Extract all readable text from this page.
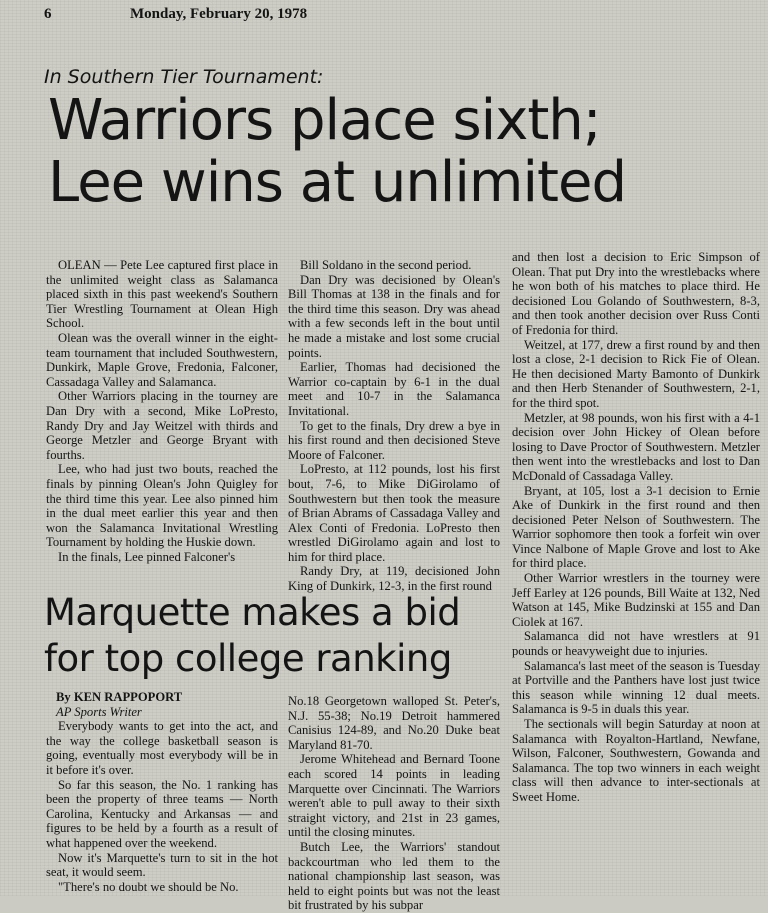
6	Monday, February 20, 1978
In Southern Tier Tournament:
Warriors place sixth;
Lee wins at unlimited

OLEAN — Pete Lee captured first place in the unlimited weight class as Salamanca placed sixth in this past weekend's Southern Tier Wrestling Tournament at Olean High School.

Olean was the overall winner in the eight-team tournament that included Southwestern, Dunkirk, Maple Grove, Fredonia, Falconer, Cassadaga Valley and Salamanca.

Other Warriors placing in the tourney are Dan Dry with a second, Mike LoPresto, Randy Dry and Jay Weitzel with thirds and George Metzler and George Bryant with fourths.

Lee, who had just two bouts, reached the finals by pinning Olean's John Quigley for the third time this year. Lee also pinned him in the dual meet earlier this year and then won the Salamanca Invitational Wrestling Tournament by holding the Huskie down.

In the finals, Lee pinned Falconer's

Bill Soldano in the second period.

Dan Dry was decisioned by Olean's Bill Thomas at 138 in the finals and for the third time this season. Dry was ahead with a few seconds left in the bout until he made a mistake and lost some crucial points.

Earlier, Thomas had decisioned the Warrior co-captain by 6-1 in the dual meet and 10-7 in the Salamanca Invitational.

To get to the finals, Dry drew a bye in his first round and then decisioned Steve Moore of Falconer.

LoPresto, at 112 pounds, lost his first bout, 7-6, to Mike DiGirolamo of Southwestern but then took the measure of Brian Abrams of Cassadaga Valley and Alex Conti of Fredonia. LoPresto then wrestled DiGirolamo again and lost to him for third place.

Randy Dry, at 119, decisioned John King of Dunkirk, 12-3, in the first round

and then lost a decision to Eric Simpson of Olean. That put Dry into the wrestlebacks where he won both of his matches to place third. He decisioned Lou Golando of Southwestern, 8-3, and then took another decision over Russ Conti of Fredonia for third.

Weitzel, at 177, drew a first round by and then lost a close, 2-1 decision to Rick Fie of Olean. He then decisioned Marty Bamonto of Dunkirk and then Herb Stenander of Southwestern, 2-1, for the third spot.

Metzler, at 98 pounds, won his first with a 4-1 decision over John Hickey of Olean before losing to Dave Proctor of Southwestern. Metzler then went into the wrestlebacks and lost to Dan McDonald of Cassadaga Valley.

Bryant, at 105, lost a 3-1 decision to Ernie Ake of Dunkirk in the first round and then decisioned Peter Nelson of Southwestern. The Warrior sophomore then took a forfeit win over Vince Nalbone of Maple Grove and lost to Ake for third place.

Other Warrior wrestlers in the tourney were Jeff Earley at 126 pounds, Bill Waite at 132, Ned Watson at 145, Mike Budzinski at 155 and Dan Ciolek at 167.

Salamanca did not have wrestlers at 91 pounds or heavyweight due to injuries.

Salamanca's last meet of the season is Tuesday at Portville and the Panthers have lost just twice this season while winning 12 dual meets. Salamanca is 9-5 in duals this year.

The sectionals will begin Saturday at noon at Salamanca with Royalton-Hartland, Newfane, Wilson, Falconer, Southwestern, Gowanda and Salamanca. The top two winners in each weight class will then advance to inter-sectionals at Sweet Home.

Marquette makes a bid
for top college ranking

By KEN RAPPOPORT

AP Sports Writer

Everybody wants to get into the act, and the way the college basketball season is going, eventually most everybody will be in it before it's over.

So far this season, the No. 1 ranking has been the property of three teams — North Carolina, Kentucky and Arkansas — and figures to be held by a fourth as a result of what happened over the weekend.

Now it's Marquette's turn to sit in the hot seat, it would seem.

"There's no doubt we should be No.

No.18 Georgetown walloped St. Peter's, N.J. 55-38; No.19 Detroit hammered Canisius 124-89, and No.20 Duke beat Maryland 81-70.

Jerome Whitehead and Bernard Toone each scored 14 points in leading Marquette over Cincinnati. The Warriors weren't able to pull away to their sixth straight victory, and 21st in 23 games, until the closing minutes.

Butch Lee, the Warriors' standout backcourtman who led them to the national championship last season, was held to eight points but was not the least bit frustrated by his subpar
